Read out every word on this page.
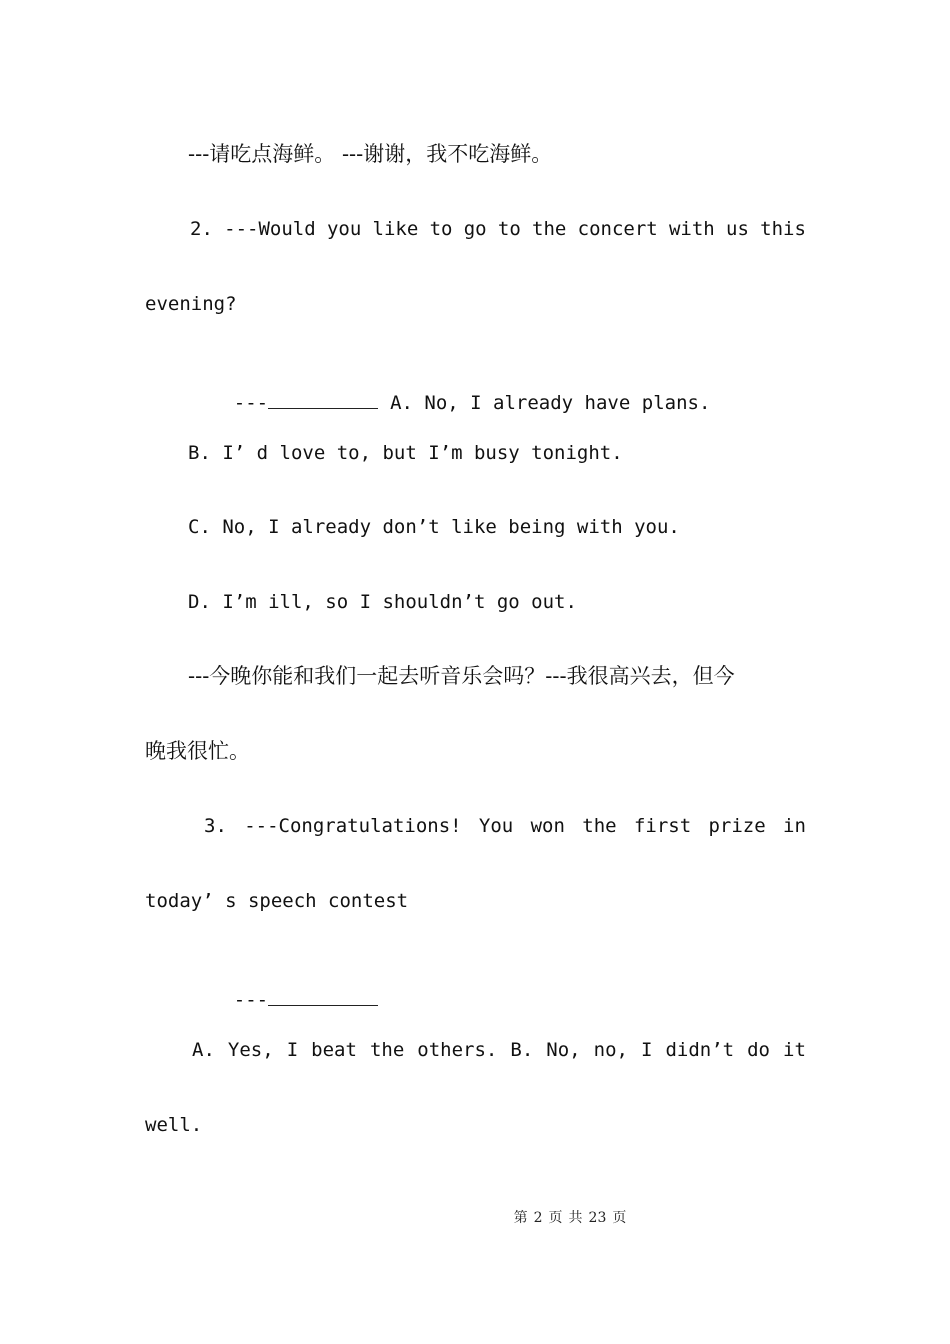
---请吃点海鲜。 ---谢谢，我不吃海鲜。
2. ---Would you like to go to the concert with us this
evening?

---	A. No, I already have plans.

B. I’ d love to, but I’m busy tonight.
C. No, I already don’t like being with you.
D. I’m ill, so I shouldn’t go out.
---今晚你能和我们一起去听音乐会吗？---我很高兴去，但今
晚我很忙。
3. ---Congratulations! You won the first prize in
today’ s speech contest

---

A. Yes, I beat the others. B. No, no, I didn’t do it
well.
第 2 页 共 23 页
